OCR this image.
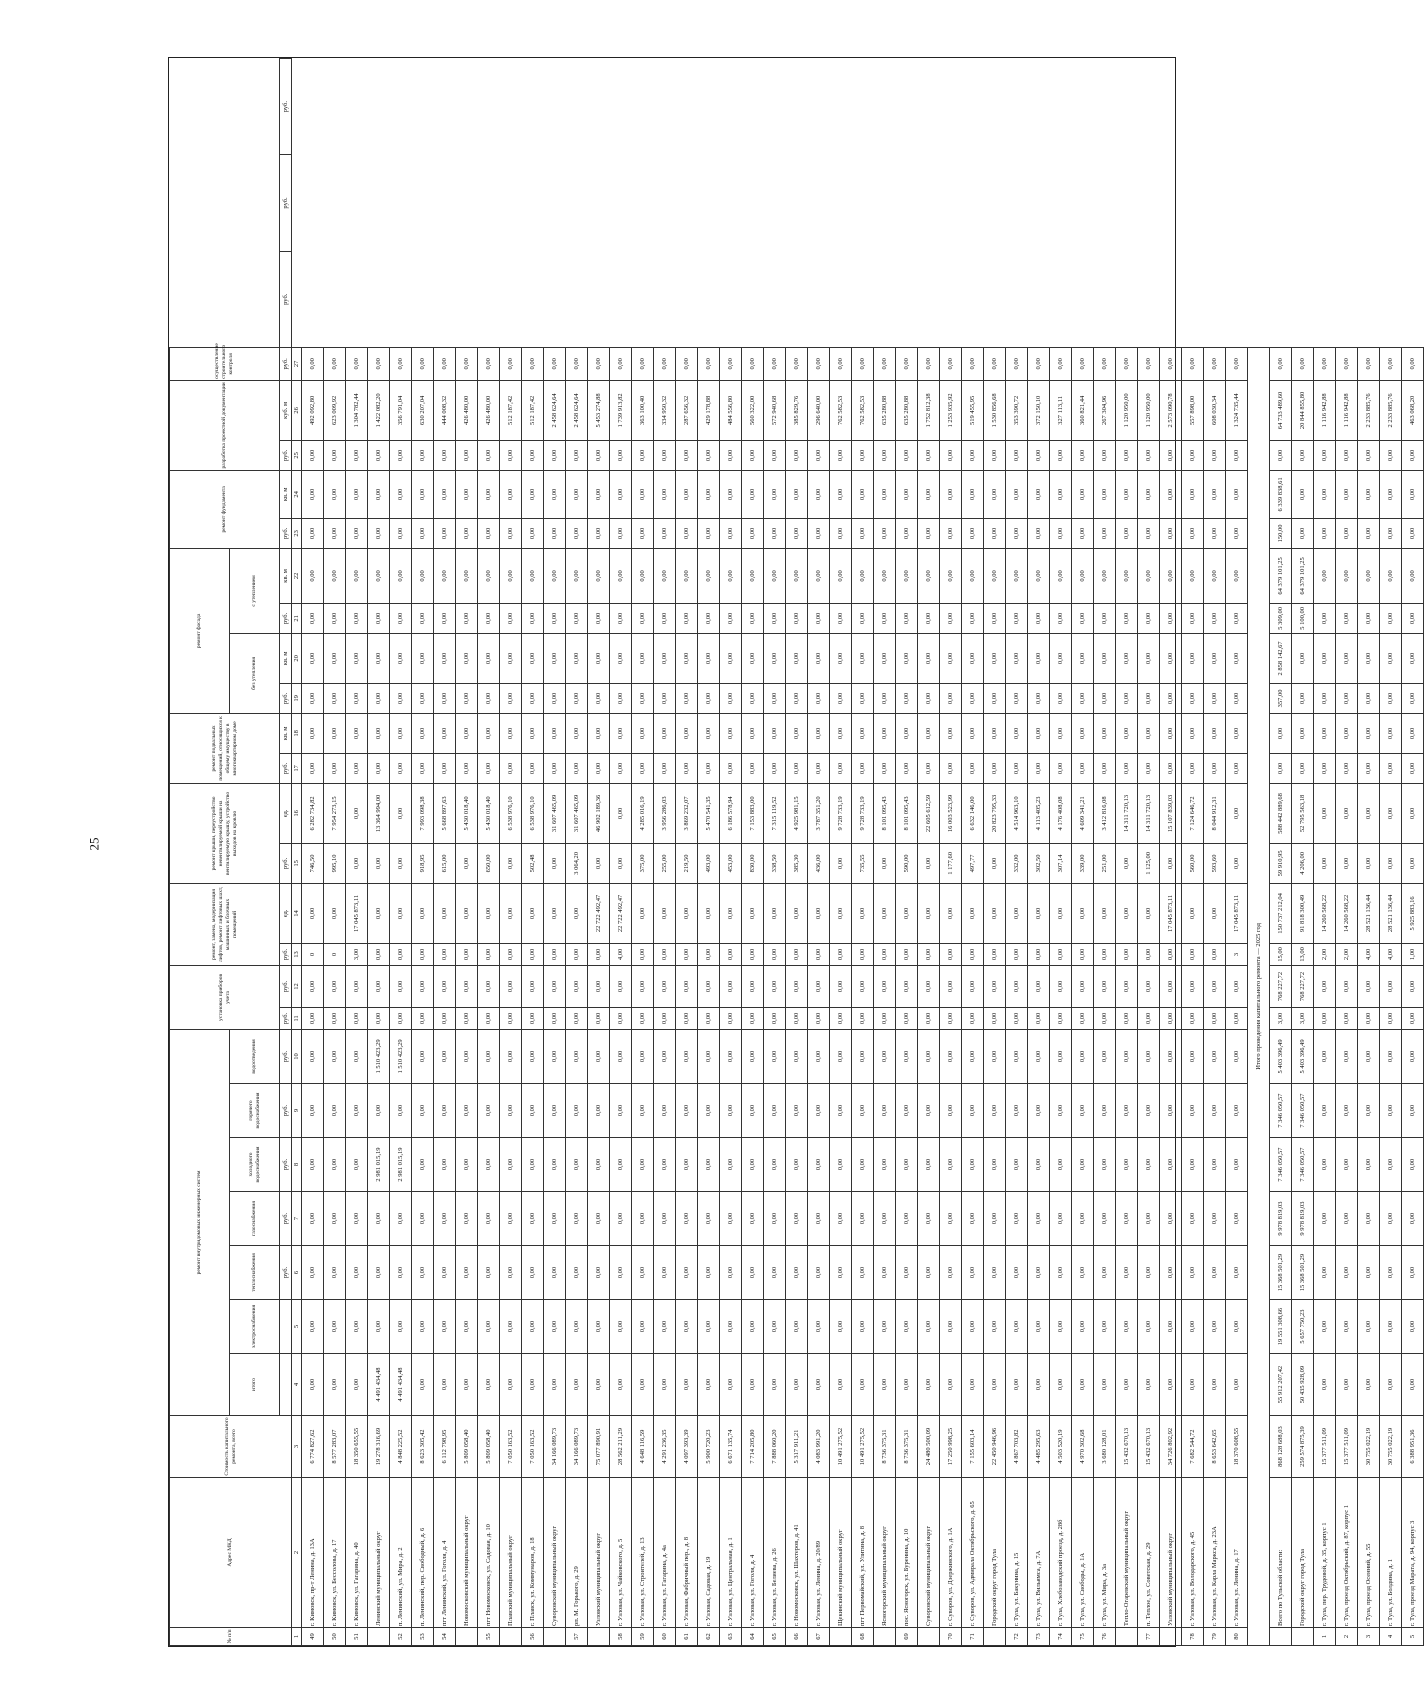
25
№ п/п	Адрес МКД	Стоимость капитального ремонта, всего	ремонт внутридомовых инженерных систем							установка приборов учета		ремонт, замена, модернизация лифтов, ремонт лифтовых шахт, машинных и блочных помещений		ремонт крыши, переустройство невентилируемой крыши на вентилируемую крышу, устройство выходов на кровлю		ремонт подвальных помещений, относящихся к общему имуществу в многоквартирном доме		ремонт фасада				ремонт фундамента		разработка проектной документации		осуществление строительного контроля			
			итого	электроснабжения	теплоснабжения	газоснабжения	холодного водоснабжения	горячего водоснабжения	водоотведения									без утепления		с утеплением									
					руб.	руб.	руб.	руб.	руб.	руб.	руб.	руб.	ед.	руб.	ед.	руб.	кв. м	руб.	кв. м	руб.	кв. м	руб.	кв. м	руб.	куб. м	руб.	руб.	руб.	руб.
1	2	3	4	5	6	7	8	9	10	11	12	13	14	15	16	17	18	19	20	21	22	23	24	25	26	27			
49	г. Кимовск, пр-т Ленина, д. 13А	6 774 827,62	0,00	0,00	0,00	0,00	0,00	0,00	0,00	0,00	0,00	0	0,00	746,50	6 282 734,82	0,00	0,00	0,00	0,00	0,00	0,00	0,00	0,00	0,00	492 092,80	0,00			
50	г. Кимовск, ул. Бессолова, д. 17	8 577 283,07	0,00	0,00	0,00	0,00	0,00	0,00	0,00	0,00	0,00	0	0,00	995,10	7 954 273,15	0,00	0,00	0,00	0,00	0,00	0,00	0,00	0,00	0,00	623 009,92	0,00			
51	г. Кимовск, ул. Гагарина, д. 40	18 350 655,55	0,00	0,00	0,00	0,00	0,00	0,00	0,00	0,00	0,00	3,00	17 045 873,11	0,00	0,00	0,00	0,00	0,00	0,00	0,00	0,00	0,00	0,00	0,00	1 304 782,44	0,00			
	Ленинский муниципальный округ	19 278 316,69	4 491 434,48	0,00	0,00	0,00	2 981 015,19	0,00	1 510 423,29	0,00	0,00	0,00	0,00	0,00	13 364 994,00	0,00	0,00	0,00	0,00	0,00	0,00	0,00	0,00	0,00	1 422 082,20	0,00			
52	п. Ленинский, ул. Мира, д. 2	4 848 225,52	4 491 434,48	0,00	0,00	0,00	2 981 015,19	0,00	1 510 423,29	0,00	0,00	0,00	0,00	0,00	0,00	0,00	0,00	0,00	0,00	0,00	0,00	0,00	0,00	0,00	356 791,04	0,00			
53	п. Ленинский, пер. Свободный, д. 6	8 623 305,42	0,00	0,00	0,00	0,00	0,00	0,00	0,00	0,00	0,00	0,00	0,00	918,95	7 993 098,38	0,00	0,00	0,00	0,00	0,00	0,00	0,00	0,00	0,00	630 207,04	0,00			
54	пгт Ленинский, ул. Гоголя, д. 4	6 112 798,95	0,00	0,00	0,00	0,00	0,00	0,00	0,00	0,00	0,00	0,00	0,00	615,00	5 668 897,63	0,00	0,00	0,00	0,00	0,00	0,00	0,00	0,00	0,00	444 008,32	0,00			
	Новомосковский муниципальный округ	5 809 058,40	0,00	0,00	0,00	0,00	0,00	0,00	0,00	0,00	0,00	0,00	0,00	0,00	5 430 018,40	0,00	0,00	0,00	0,00	0,00	0,00	0,00	0,00	0,00	426 480,00	0,00			
55	пгт Новомосковск, ул. Садовая, д. 10	5 809 058,40	0,00	0,00	0,00	0,00	0,00	0,00	0,00	0,00	0,00	0,00	0,00	650,00	5 430 018,40	0,00	0,00	0,00	0,00	0,00	0,00	0,00	0,00	0,00	426 480,00	0,00			
	Плавский муниципальный округ	7 050 163,52	0,00	0,00	0,00	0,00	0,00	0,00	0,00	0,00	0,00	0,00	0,00	0,00	6 538 976,10	0,00	0,00	0,00	0,00	0,00	0,00	0,00	0,00	0,00	512 187,42	0,00			
56	г. Плавск, ул. Коммунаров, д. 18	7 050 163,52	0,00	0,00	0,00	0,00	0,00	0,00	0,00	0,00	0,00	0,00	0,00	502,48	6 538 976,10	0,00	0,00	0,00	0,00	0,00	0,00	0,00	0,00	0,00	512 187,42	0,00			
	Суворовский муниципальный округ	34 166 089,73	0,00	0,00	0,00	0,00	0,00	0,00	0,00	0,00	0,00	0,00	0,00	0,00	31 607 465,09	0,00	0,00	0,00	0,00	0,00	0,00	0,00	0,00	0,00	2 458 624,64	0,00			
57	рп. М. Горького, д. 29	34 166 089,73	0,00	0,00	0,00	0,00	0,00	0,00	0,00	0,00	0,00	0,00	0,00	3 064,20	31 607 465,09	0,00	0,00	0,00	0,00	0,00	0,00	0,00	0,00	0,00	2 458 624,64	0,00			
	Узловский муниципальный округ	75 077 890,91	0,00	0,00	0,00	0,00	0,00	0,00	0,00	0,00	0,00	0,00	22 722 492,47	0,00	46 902 189,36	0,00	0,00	0,00	0,00	0,00	0,00	0,00	0,00	0,00	5 453 274,88	0,00			
58	г. Узловая, ул. Чайковского, д. 5	28 562 211,29	0,00	0,00	0,00	0,00	0,00	0,00	0,00	0,00	0,00	4,00	22 722 492,47	0,00	0,00	0,00	0,00	0,00	0,00	0,00	0,00	0,00	0,00	0,00	1 739 913,82	0,00			
59	г. Узловая, ул. Строителей, д. 13	4 648 116,59	0,00	0,00	0,00	0,00	0,00	0,00	0,00	0,00	0,00	0,00	0,00	375,00	4 285 016,19	0,00	0,00	0,00	0,00	0,00	0,00	0,00	0,00	0,00	363 100,40	0,00			
60	г. Узловая, ул. Гагарина, д. 4а	4 291 236,35	0,00	0,00	0,00	0,00	0,00	0,00	0,00	0,00	0,00	0,00	0,00	255,00	3 956 286,03	0,00	0,00	0,00	0,00	0,00	0,00	0,00	0,00	0,00	334 950,32	0,00			
61	г. Узловая, Фабричный пер., д. 8	4 097 393,39	0,00	0,00	0,00	0,00	0,00	0,00	0,00	0,00	0,00	0,00	0,00	219,50	3 869 232,07	0,00	0,00	0,00	0,00	0,00	0,00	0,00	0,00	0,00	287 656,32	0,00			
62	г. Узловая, Садовая, д. 19	5 900 720,23	0,00	0,00	0,00	0,00	0,00	0,00	0,00	0,00	0,00	0,00	0,00	493,00	5 470 541,35	0,00	0,00	0,00	0,00	0,00	0,00	0,00	0,00	0,00	429 178,88	0,00			
63	г. Узловая, ул. Центральная, д. 1	6 671 135,74	0,00	0,00	0,00	0,00	0,00	0,00	0,00	0,00	0,00	0,00	0,00	453,00	6 186 578,94	0,00	0,00	0,00	0,00	0,00	0,00	0,00	0,00	0,00	484 556,80	0,00			
64	г. Узловая, ул. Гоголя, д. 4	7 714 205,80	0,00	0,00	0,00	0,00	0,00	0,00	0,00	0,00	0,00	0,00	0,00	830,00	7 153 883,00	0,00	0,00	0,00	0,00	0,00	0,00	0,00	0,00	0,00	560 322,00	0,00			
65	г. Узловая, ул. Беляева, д. 26	7 888 060,20	0,00	0,00	0,00	0,00	0,00	0,00	0,00	0,00	0,00	0,00	0,00	338,50	7 315 119,52	0,00	0,00	0,00	0,00	0,00	0,00	0,00	0,00	0,00	572 940,68	0,00			
66	г. Новомосковск, ул. Шахтеров, д. 41	5 317 911,21	0,00	0,00	0,00	0,00	0,00	0,00	0,00	0,00	0,00	0,00	0,00	385,30	4 925 981,15	0,00	0,00	0,00	0,00	0,00	0,00	0,00	0,00	0,00	385 829,76	0,00			
67	г. Узловая, ул. Ленина, д. 20/89	4 083 991,20	0,00	0,00	0,00	0,00	0,00	0,00	0,00	0,00	0,00	0,00	0,00	436,00	3 787 351,20	0,00	0,00	0,00	0,00	0,00	0,00	0,00	0,00	0,00	296 640,00	0,00			
	Щекинский муниципальный округ	10 491 275,52	0,00	0,00	0,00	0,00	0,00	0,00	0,00	0,00	0,00	0,00	0,00	0,00	9 728 733,19	0,00	0,00	0,00	0,00	0,00	0,00	0,00	0,00	0,00	762 582,53	0,00			
68	пгт Первомайский, ул. Улитина, д. 8	10 491 275,52	0,00	0,00	0,00	0,00	0,00	0,00	0,00	0,00	0,00	0,00	0,00	735,55	9 728 733,19	0,00	0,00	0,00	0,00	0,00	0,00	0,00	0,00	0,00	762 582,53	0,00			
	Ясногорский муниципальный округ	8 736 375,31	0,00	0,00	0,00	0,00	0,00	0,00	0,00	0,00	0,00	0,00	0,00	0,00	8 101 095,43	0,00	0,00	0,00	0,00	0,00	0,00	0,00	0,00	0,00	635 280,88	0,00			
69	пос. Ясногорск, ул. Буренина, д. 10	8 736 375,31	0,00	0,00	0,00	0,00	0,00	0,00	0,00	0,00	0,00	0,00	0,00	590,00	8 101 095,43	0,00	0,00	0,00	0,00	0,00	0,00	0,00	0,00	0,00	635 280,88	0,00			
	Суворовский муниципальный округ	24 480 500,09	0,00	0,00	0,00	0,00	0,00	0,00	0,00	0,00	0,00	0,00	0,00	0,00	22 605 612,59	0,00	0,00	0,00	0,00	0,00	0,00	0,00	0,00	0,00	1 752 812,38	0,00			
70	г. Суворов, ул. Дзержинского, д. 1А	17 250 998,25	0,00	0,00	0,00	0,00	0,00	0,00	0,00	0,00	0,00	0,00	0,00	1 177,60	16 003 523,99	0,00	0,00	0,00	0,00	0,00	0,00	0,00	0,00	0,00	1 253 935,92	0,00			
71	г. Суворов, ул. Адмирала Октябрьского, д. 65	7 155 603,14	0,00	0,00	0,00	0,00	0,00	0,00	0,00	0,00	0,00	0,00	0,00	497,77	6 632 146,00	0,00	0,00	0,00	0,00	0,00	0,00	0,00	0,00	0,00	519 455,95	0,00			
	Городской округ город Тула	22 450 946,96	0,00	0,00	0,00	0,00	0,00	0,00	0,00	0,00	0,00	0,00	0,00	0,00	20 823 795,33	0,00	0,00	0,00	0,00	0,00	0,00	0,00	0,00	0,00	1 530 856,68	0,00			
72	г. Тула, ул. Бакунина, д. 15	4 867 703,82	0,00	0,00	0,00	0,00	0,00	0,00	0,00	0,00	0,00	0,00	0,00	332,00	4 514 963,10	0,00	0,00	0,00	0,00	0,00	0,00	0,00	0,00	0,00	353 390,72	0,00			
73	г. Тула, ул. Вильямса, д. 7А	4 485 295,63	0,00	0,00	0,00	0,00	0,00	0,00	0,00	0,00	0,00	0,00	0,00	302,50	4 113 405,23	0,00	0,00	0,00	0,00	0,00	0,00	0,00	0,00	0,00	372 150,10	0,00			
74	г. Тула, Хлебозаводский проезд, д. 28б	4 503 520,19	0,00	0,00	0,00	0,00	0,00	0,00	0,00	0,00	0,00	0,00	0,00	307,14	4 176 408,08	0,00	0,00	0,00	0,00	0,00	0,00	0,00	0,00	0,00	327 113,11	0,00			
75	г. Тула, ул. Свободы, д. 1А	4 970 302,68	0,00	0,00	0,00	0,00	0,00	0,00	0,00	0,00	0,00	0,00	0,00	339,00	4 609 341,21	0,00	0,00	0,00	0,00	0,00	0,00	0,00	0,00	0,00	360 821,44	0,00			
76	г. Тула, ул. Мира, д. 3а	3 680 128,01	0,00	0,00	0,00	0,00	0,00	0,00	0,00	0,00	0,00	0,00	0,00	251,00	3 412 816,08	0,00	0,00	0,00	0,00	0,00	0,00	0,00	0,00	0,00	267 304,96	0,00			
	Тепло-Огаревский муниципальный округ	15 432 670,13	0,00	0,00	0,00	0,00	0,00	0,00	0,00	0,00	0,00	0,00	0,00	0,00	14 311 720,13	0,00	0,00	0,00	0,00	0,00	0,00	0,00	0,00	0,00	1 120 950,00	0,00			
77	п. Теплое, ул. Советская, д. 29	15 432 670,13	0,00	0,00	0,00	0,00	0,00	0,00	0,00	0,00	0,00	0,00	0,00	1 125,00	14 311 720,13	0,00	0,00	0,00	0,00	0,00	0,00	0,00	0,00	0,00	1 120 950,00	0,00			
	Узловский муниципальный округ	34 726 802,92	0,00	0,00	0,00	0,00	0,00	0,00	0,00	0,00	0,00	0,00	17 045 873,11	0,00	15 107 839,03	0,00	0,00	0,00	0,00	0,00	0,00	0,00	0,00	0,00	2 573 090,78	0,00			
78	г. Узловая, ул. Володарского, д. 45	7 682 544,72	0,00	0,00	0,00	0,00	0,00	0,00	0,00	0,00	0,00	0,00	0,00	560,00	7 124 646,72	0,00	0,00	0,00	0,00	0,00	0,00	0,00	0,00	0,00	557 898,00	0,00			
79	г. Узловая, ул. Карла Маркса, д. 23А	8 653 642,65	0,00	0,00	0,00	0,00	0,00	0,00	0,00	0,00	0,00	0,00	0,00	593,60	8 044 912,31	0,00	0,00	0,00	0,00	0,00	0,00	0,00	0,00	0,00	608 030,34	0,00			
80	г. Узловая, ул. Ленина, д. 17	18 370 608,55	0,00	0,00	0,00	0,00	0,00	0,00	0,00	0,00	0,00	3	17 045 873,11	0,00	0,00	0,00	0,00	0,00	0,00	0,00	0,00	0,00	0,00	0,00	1 324 735,44	0,00			
Итого проведения капитального ремонта — 2025 год																													
	Всего по Тульской области:	868 128 688,03	55 912 207,42	19 551 308,66	15 368 501,29	9 978 819,03	7 346 050,57	7 346 050,57	5 403 396,49	3,00	768 227,72	15,00	150 737 212,04	59 910,95	588 442 889,68	0,00	0,00	357,00	2 858 142,67	5 309,00	64 379 101,25	150,00	6 339 838,61	0,00	64 733 489,60	0,00			
	Городской округ город Тула	259 574 875,39	50 435 928,09	5 657 750,23	15 368 501,29	9 978 819,03	7 346 050,57	7 346 050,57	5 403 396,49	3,00	768 227,72	13,00	91 818 300,49	4 206,00	52 795 563,18	0,00	0,00	0,00	0,00	5 100,00	64 379 101,25	0,00	0,00	0,00	20 844 855,80	0,00			
1	г. Тула, пер. Трудовой, д. 35, корпус 1	15 377 511,09	0,00	0,00	0,00	0,00	0,00	0,00	0,00	0,00	0,00	2,00	14 260 568,22	0,00	0,00	0,00	0,00	0,00	0,00	0,00	0,00	0,00	0,00	0,00	1 116 942,88	0,00			
2	г. Тула, проезд Октябрьский, д. 87, корпус 1	15 377 511,09	0,00	0,00	0,00	0,00	0,00	0,00	0,00	0,00	0,00	2,00	14 260 568,22	0,00	0,00	0,00	0,00	0,00	0,00	0,00	0,00	0,00	0,00	0,00	1 116 942,88	0,00			
3	г. Тула, проезд Осенний, д. 55	30 755 022,19	0,00	0,00	0,00	0,00	0,00	0,00	0,00	0,00	0,00	4,00	28 521 136,44	0,00	0,00	0,00	0,00	0,00	0,00	0,00	0,00	0,00	0,00	0,00	2 233 885,76	0,00			
4	г. Тула, ул. Болдина, д. 1	30 755 022,19	0,00	0,00	0,00	0,00	0,00	0,00	0,00	0,00	0,00	4,00	28 521 136,44	0,00	0,00	0,00	0,00	0,00	0,00	0,00	0,00	0,00	0,00	0,00	2 233 885,76	0,00			
5	г. Тула, проезд Марата, д. 94, корпус 3	6 388 951,36	0,00	0,00	0,00	0,00	0,00	0,00	0,00	0,00	0,00	1,00	5 925 883,16	0,00	0,00	0,00	0,00	0,00	0,00	0,00	0,00	0,00	0,00	0,00	463 068,20	0,00			
